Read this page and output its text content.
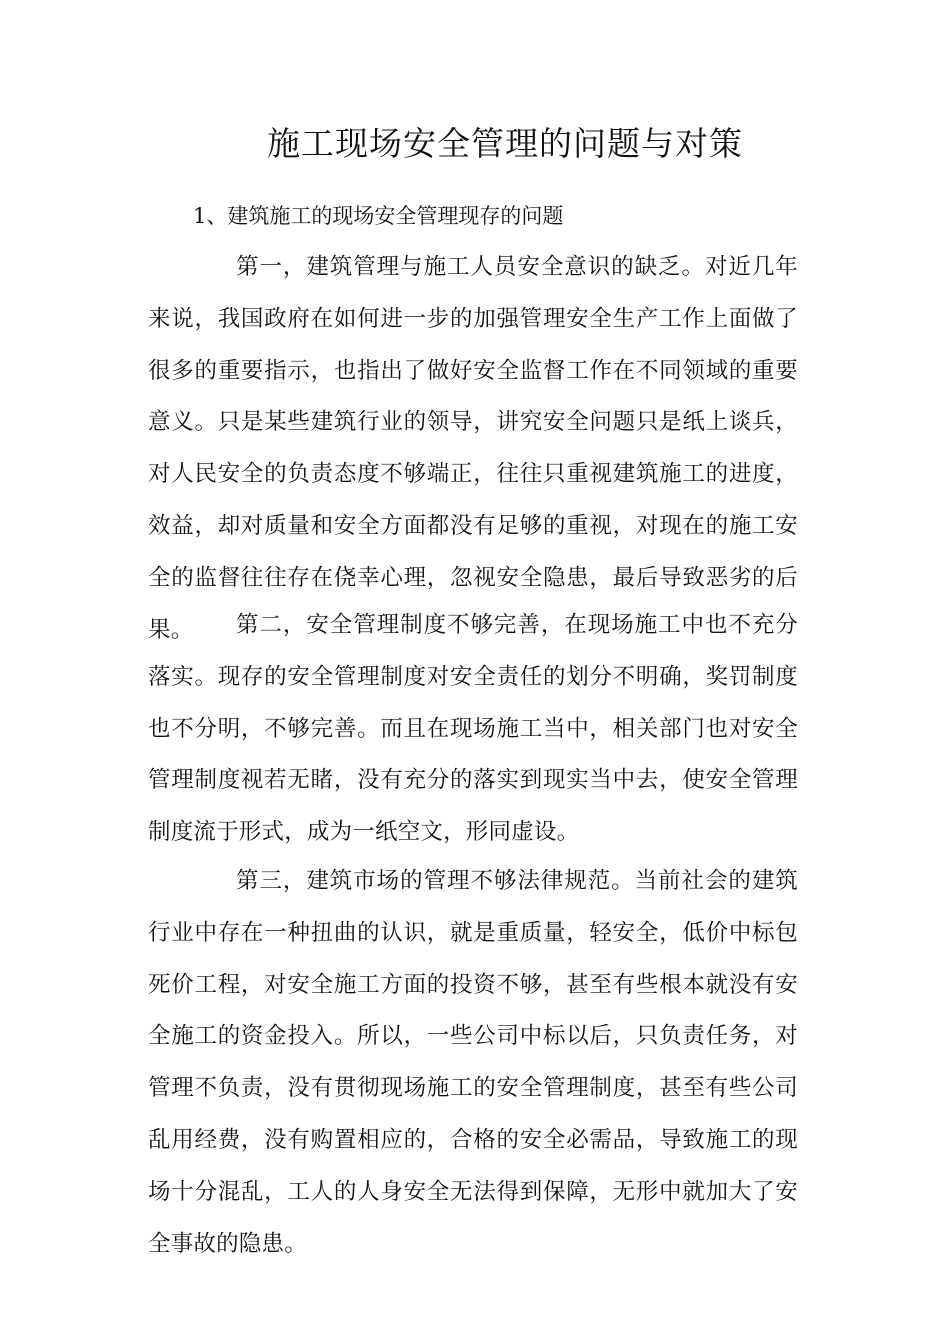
施工现场安全管理的问题与对策
1、建筑施工的现场安全管理现存的问题

第一，建筑管理与施工人员安全意识的缺乏。对近几年来说，我国政府在如何进一步的加强管理安全生产工作上面做了很多的重要指示，也指出了做好安全监督工作在不同领域的重要意义。只是某些建筑行业的领导，讲究安全问题只是纸上谈兵，对人民安全的负责态度不够端正，往往只重视建筑施工的进度，效益，却对质量和安全方面都没有足够的重视，对现在的施工安全的监督往往存在侥幸心理，忽视安全隐患，最后导致恶劣的后果。	第二，安全管理制度不够完善，在现场施工中也不充分落实。现存的安全管理制度对安全责任的划分不明确，奖罚制度也不分明，不够完善。而且在现场施工当中，相关部门也对安全管理制度视若无睹，没有充分的落实到现实当中去，使安全管理制度流于形式，成为一纸空文，形同虚设。

第三，建筑市场的管理不够法律规范。当前社会的建筑行业中存在一种扭曲的认识，就是重质量，轻安全，低价中标包死价工程，对安全施工方面的投资不够，甚至有些根本就没有安全施工的资金投入。所以，一些公司中标以后，只负责任务，对管理不负责，没有贯彻现场施工的安全管理制度，甚至有些公司乱用经费，没有购置相应的，合格的安全必需品，导致施工的现场十分混乱，工人的人身安全无法得到保障，无形中就加大了安全事故的隐患。
